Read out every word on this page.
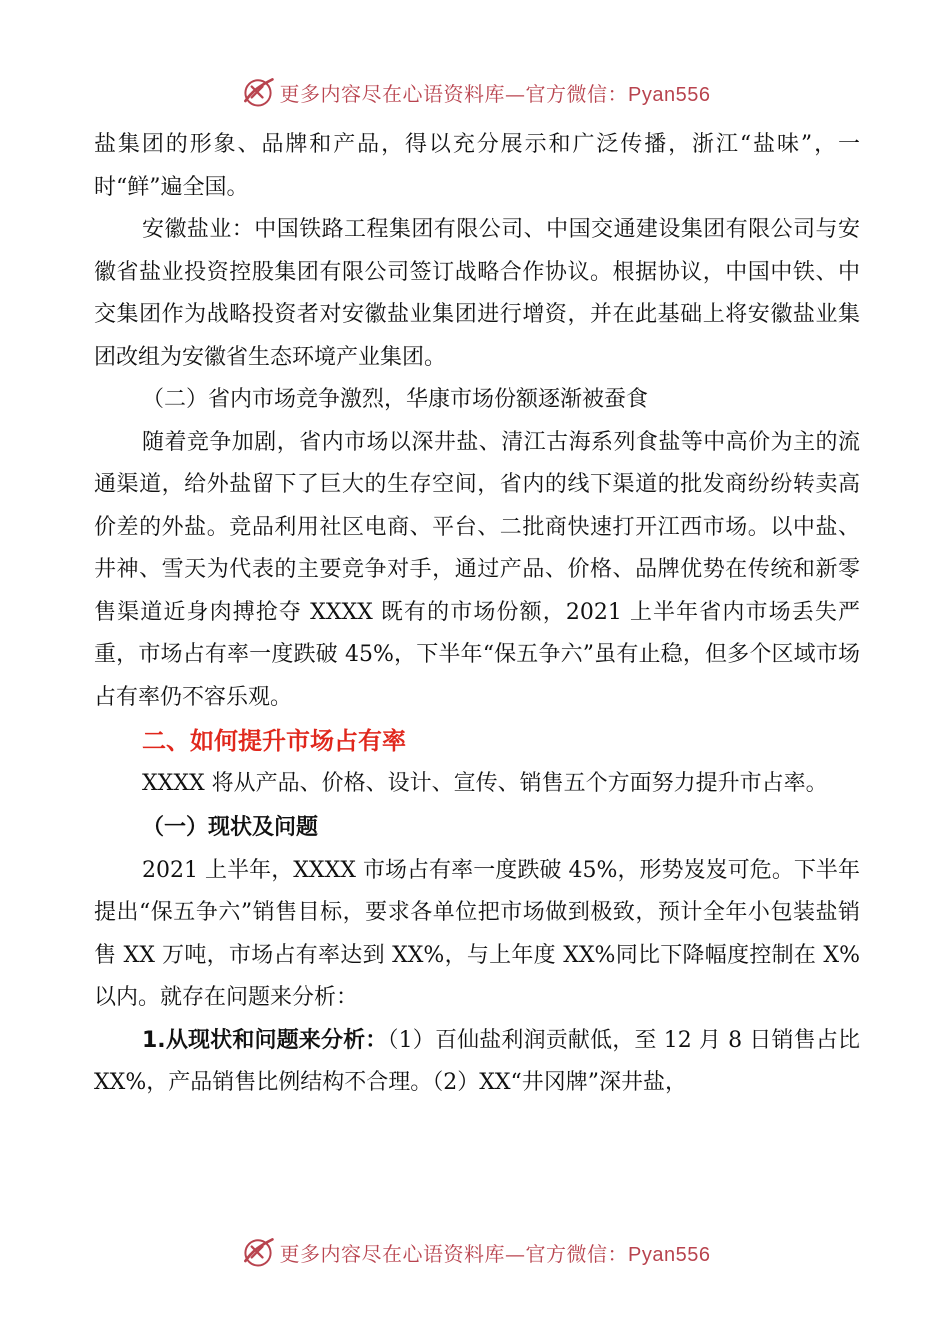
更多内容尽在心语资料库—官方微信：Pyan556

盐集团的形象、品牌和产品，得以充分展示和广泛传播，浙江“盐味”，一时“鲜”遍全国。

安徽盐业：中国铁路工程集团有限公司、中国交通建设集团有限公司与安徽省盐业投资控股集团有限公司签订战略合作协议。根据协议，中国中铁、中交集团作为战略投资者对安徽盐业集团进行增资，并在此基础上将安徽盐业集团改组为安徽省生态环境产业集团。

（二）省内市场竞争激烈，华康市场份额逐渐被蚕食

随着竞争加剧，省内市场以深井盐、清江古海系列食盐等中高价为主的流通渠道，给外盐留下了巨大的生存空间，省内的线下渠道的批发商纷纷转卖高价差的外盐。竞品利用社区电商、平台、二批商快速打开江西市场。以中盐、井神、雪天为代表的主要竞争对手，通过产品、价格、品牌优势在传统和新零售渠道近身肉搏抢夺 XXXX 既有的市场份额，2021 上半年省内市场丢失严重，市场占有率一度跌破 45%，下半年“保五争六”虽有止稳，但多个区域市场占有率仍不容乐观。

二、如何提升市场占有率

XXXX 将从产品、价格、设计、宣传、销售五个方面努力提升市占率。

（一）现状及问题

2021 上半年，XXXX 市场占有率一度跌破 45%，形势岌岌可危。下半年提出“保五争六”销售目标，要求各单位把市场做到极致，预计全年小包装盐销售 XX 万吨，市场占有率达到 XX%，与上年度 XX%同比下降幅度控制在 X%以内。就存在问题来分析：

1.从现状和问题来分析：（1）百仙盐利润贡献低，至 12 月 8 日销售占比 XX%，产品销售比例结构不合理。（2）XX“井冈牌”深井盐，

更多内容尽在心语资料库—官方微信：Pyan556
